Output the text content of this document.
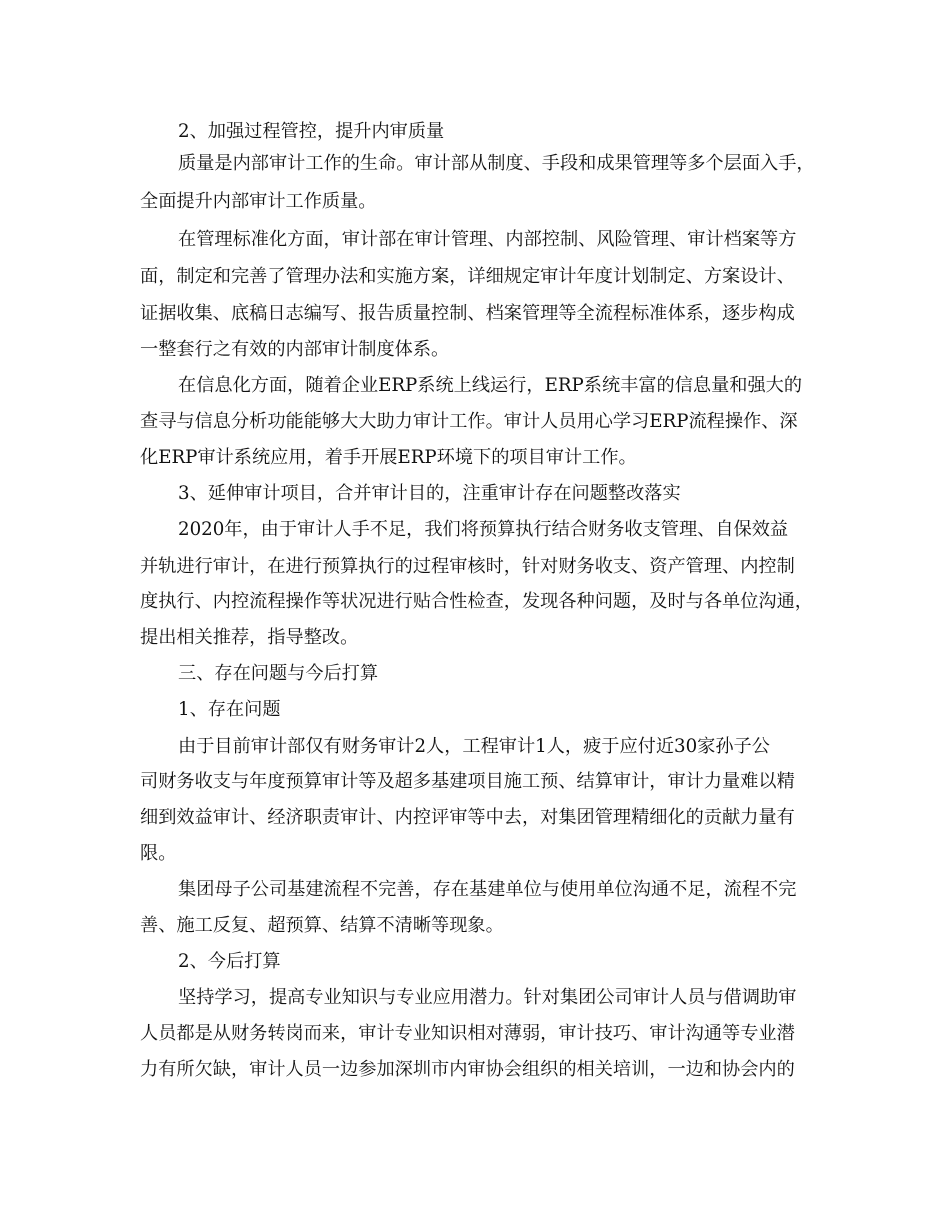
2、加强过程管控，提升内审质量

质量是内部审计工作的生命。审计部从制度、手段和成果管理等多个层面入手，

全面提升内部审计工作质量。

在管理标准化方面，审计部在审计管理、内部控制、风险管理、审计档案等方

面，制定和完善了管理办法和实施方案，详细规定审计年度计划制定、方案设计、

证据收集、底稿日志编写、报告质量控制、档案管理等全流程标准体系，逐步构成

一整套行之有效的内部审计制度体系。

在信息化方面，随着企业ERP系统上线运行，ERP系统丰富的信息量和强大的

查寻与信息分析功能能够大大助力审计工作。审计人员用心学习ERP流程操作、深

化ERP审计系统应用，着手开展ERP环境下的项目审计工作。

3、延伸审计项目，合并审计目的，注重审计存在问题整改落实

2020年，由于审计人手不足，我们将预算执行结合财务收支管理、自保效益

并轨进行审计，在进行预算执行的过程审核时，针对财务收支、资产管理、内控制

度执行、内控流程操作等状况进行贴合性检查，发现各种问题，及时与各单位沟通，

提出相关推荐，指导整改。

三、存在问题与今后打算

1、存在问题

由于目前审计部仅有财务审计2人，工程审计1人，疲于应付近30家孙子公

司财务收支与年度预算审计等及超多基建项目施工预、结算审计，审计力量难以精

细到效益审计、经济职责审计、内控评审等中去，对集团管理精细化的贡献力量有

限。

集团母子公司基建流程不完善，存在基建单位与使用单位沟通不足，流程不完

善、施工反复、超预算、结算不清晰等现象。

2、今后打算

坚持学习，提高专业知识与专业应用潜力。针对集团公司审计人员与借调助审

人员都是从财务转岗而来，审计专业知识相对薄弱，审计技巧、审计沟通等专业潜

力有所欠缺，审计人员一边参加深圳市内审协会组织的相关培训，一边和协会内的
